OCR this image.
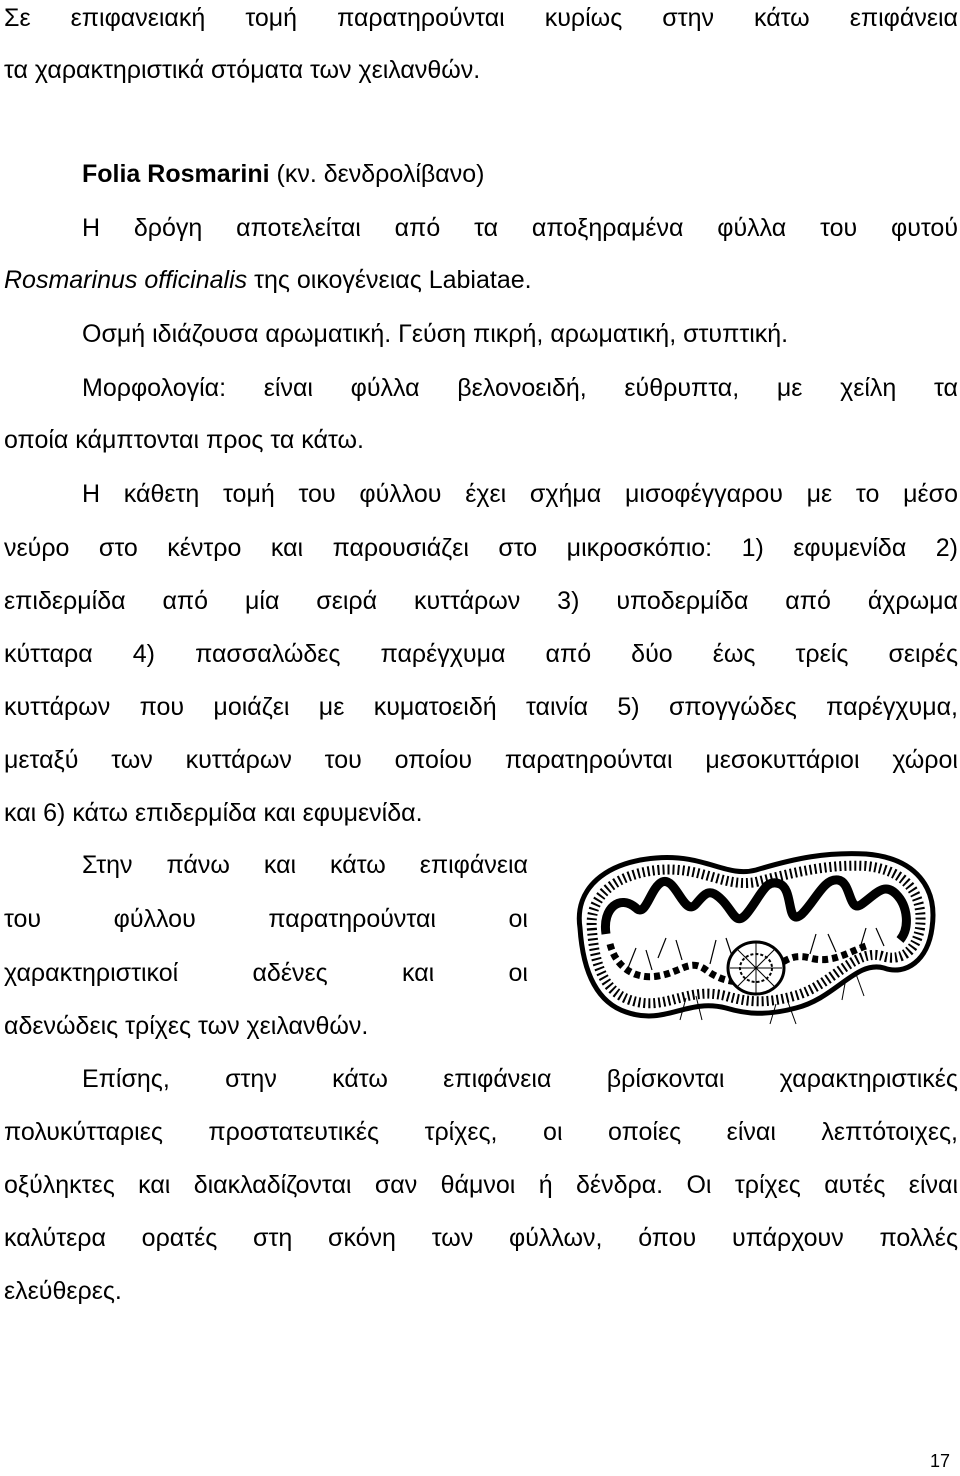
Σε επιφανειακή τομή παρατηρούνται κυρίως στην κάτω επιφάνεια
τα χαρακτηριστικά στόματα των χειλανθών.
Folia Rosmarini (κν. δενδρολίβανο)
Η δρόγη αποτελείται από τα αποξηραμένα φύλλα του φυτού
Rosmarinus officinalis της οικογένειας Labiatae.
Οσμή ιδιάζουσα αρωματική. Γεύση πικρή, αρωματική, στυπτική.
Μορφολογία: είναι φύλλα βελονοειδή, εύθρυπτα, με χείλη τα
οποία κάμπτονται προς τα κάτω.
Η κάθετη τομή του φύλλου έχει σχήμα μισοφέγγαρου με το μέσο
νεύρο στο κέντρο και παρουσιάζει στο μικροσκόπιο: 1) εφυμενίδα 2)
επιδερμίδα από μία σειρά κυττάρων 3) υποδερμίδα από άχρωμα
κύτταρα 4) πασσαλώδες παρέγχυμα από δύο έως τρείς σειρές
κυττάρων που μοιάζει με κυματοειδή ταινία 5) σπογγώδες παρέγχυμα,
μεταξύ των κυττάρων του οποίου παρατηρούνται μεσοκυττάριοι χώροι
και 6) κάτω επιδερμίδα και εφυμενίδα.
Στην πάνω και κάτω επιφάνεια
του φύλλου παρατηρούνται οι
χαρακτηριστικοί αδένες και οι
αδενώδεις τρίχες των χειλανθών.
Επίσης, στην κάτω επιφάνεια βρίσκονται χαρακτηριστικές
πολυκύτταριες προστατευτικές τρίχες, οι οποίες είναι λεπτότοιχες,
οξύληκτες και διακλαδίζονται σαν θάμνοι ή δένδρα. Οι τρίχες αυτές είναι
καλύτερα ορατές στη σκόνη των φύλλων, όπου υπάρχουν πολλές
ελεύθερες.
17
